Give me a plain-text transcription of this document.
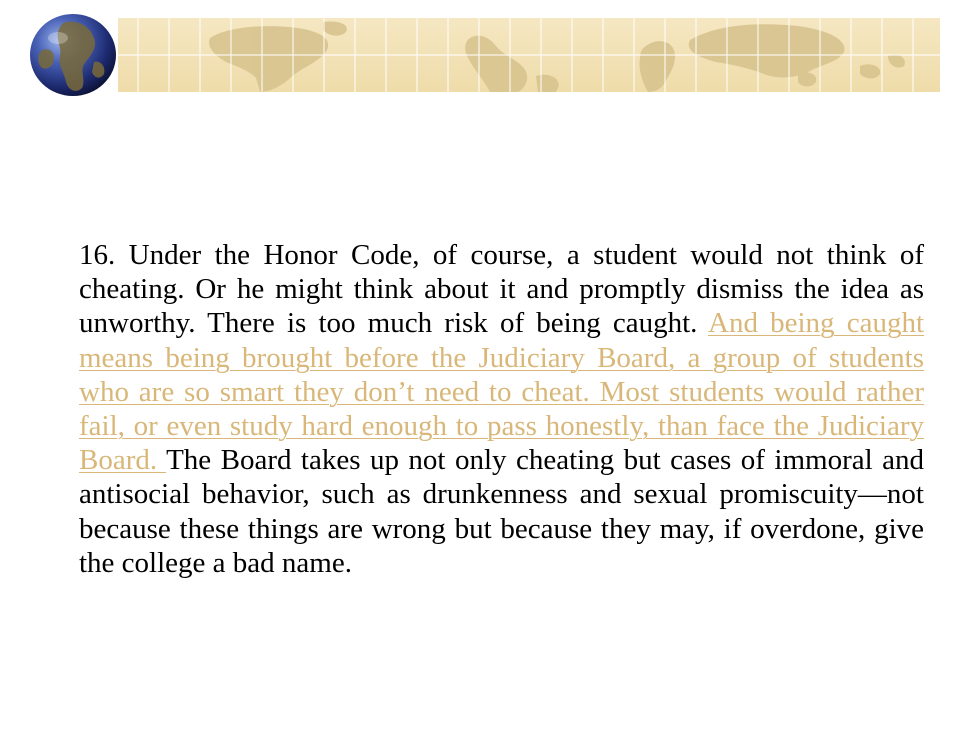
16. Under the Honor Code, of course, a student would not think of cheating. Or he might think about it and promptly dismiss the idea as unworthy. There is too much risk of being caught. And being caught means being brought before the Judiciary Board, a group of students who are so smart they don’t need to cheat. Most students would rather fail, or even study hard enough to pass honestly, than face the Judiciary Board. The Board takes up not only cheating but cases of immoral and antisocial behavior, such as drunkenness and sexual promiscuity—not because these things are wrong but because they may, if overdone, give the college a bad name.
